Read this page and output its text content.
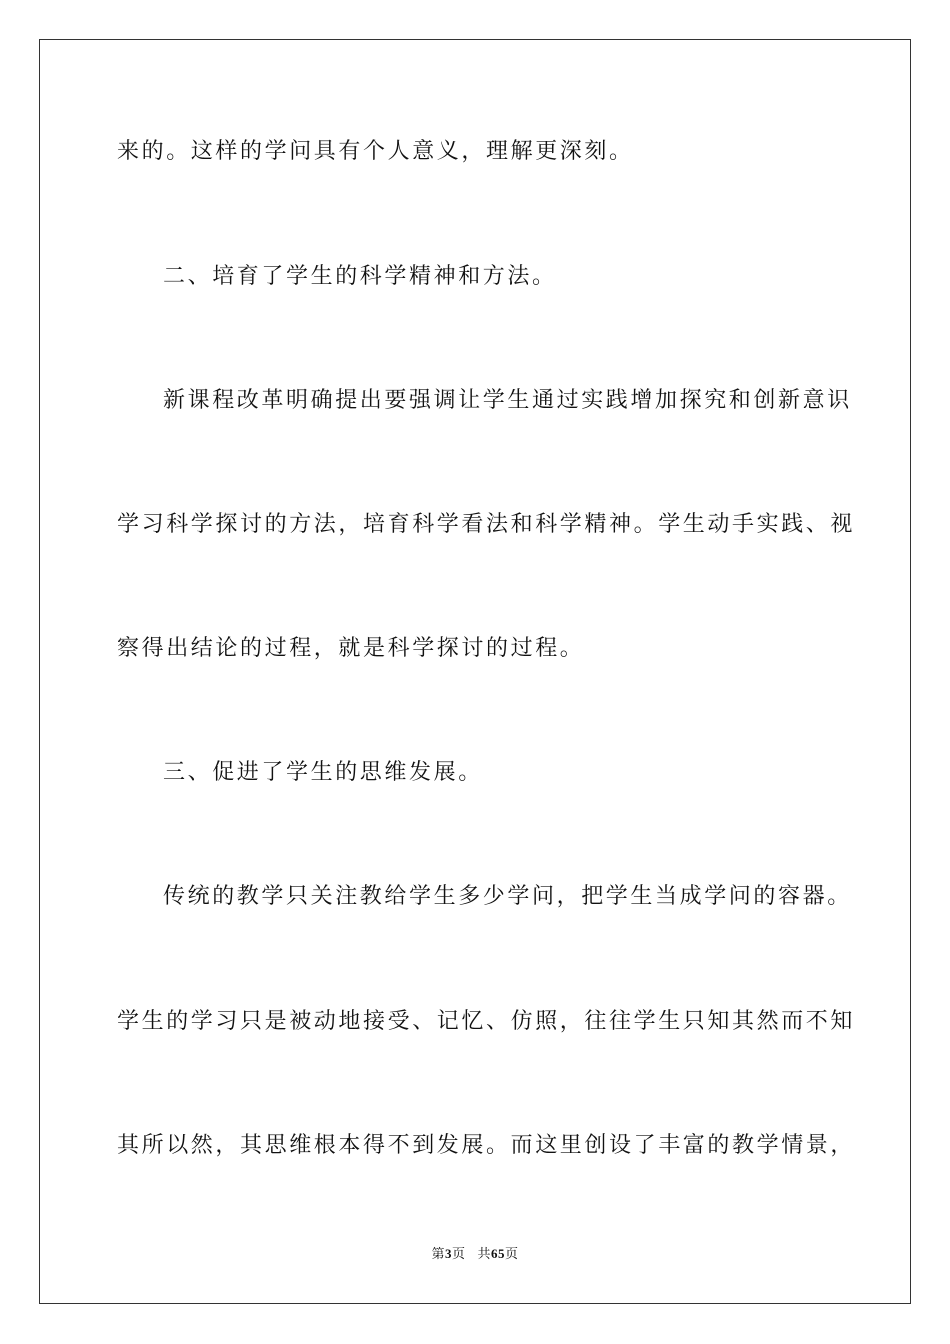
来的。这样的学问具有个人意义，理解更深刻。
二、培育了学生的科学精神和方法。
新课程改革明确提出要强调让学生通过实践增加探究和创新意识
学习科学探讨的方法，培育科学看法和科学精神。学生动手实践、视
察得出结论的过程，就是科学探讨的过程。
三、促进了学生的思维发展。
传统的教学只关注教给学生多少学问，把学生当成学问的容器。
学生的学习只是被动地接受、记忆、仿照，往往学生只知其然而不知
其所以然，其思维根本得不到发展。而这里创设了丰富的教学情景，
第3页 共65页
